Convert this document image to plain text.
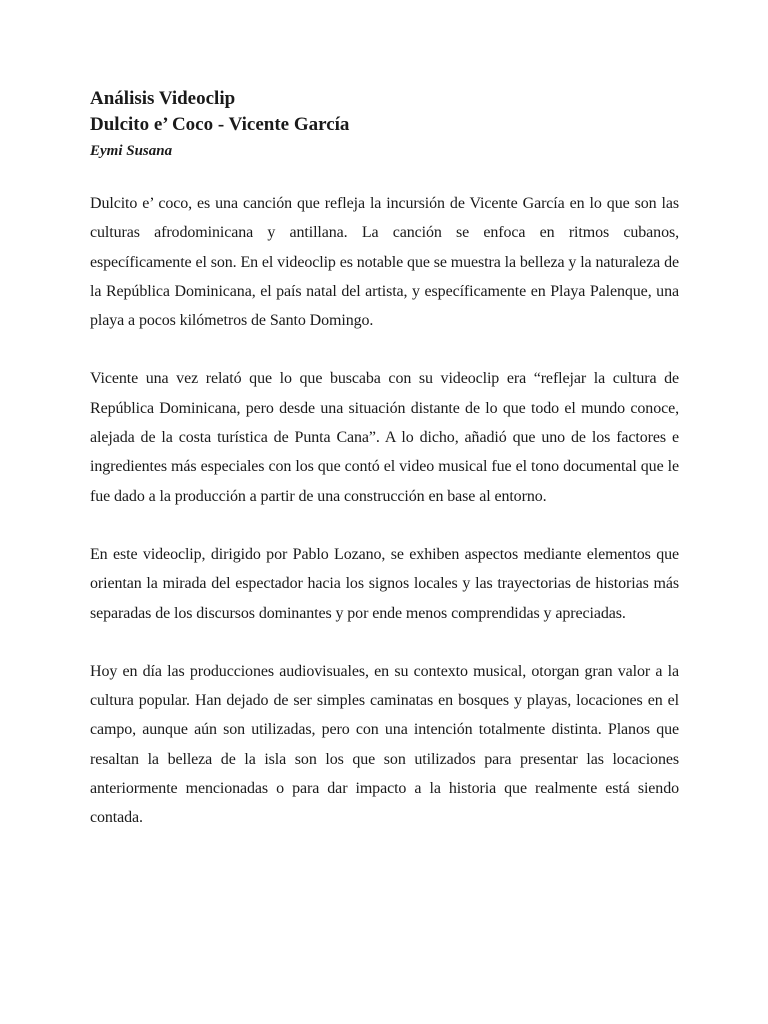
Análisis Videoclip
Dulcito e’ Coco - Vicente García

Eymi Susana

Dulcito e’ coco, es una canción que refleja la incursión de Vicente García en lo que son las culturas afrodominicana y antillana. La canción se enfoca en ritmos cubanos, específicamente el son. En el videoclip es notable que se muestra la belleza y la naturaleza de la República Dominicana, el país natal del artista, y específicamente en Playa Palenque, una playa a pocos kilómetros de Santo Domingo.

Vicente una vez relató que lo que buscaba con su videoclip era “reflejar la cultura de República Dominicana, pero desde una situación distante de lo que todo el mundo conoce, alejada de la costa turística de Punta Cana”. A lo dicho, añadió que uno de los factores e ingredientes más especiales con los que contó el video musical fue el tono documental que le fue dado a la producción a partir de una construcción en base al entorno.

En este videoclip, dirigido por Pablo Lozano, se exhiben aspectos mediante elementos que orientan la mirada del espectador hacia los signos locales y las trayectorias de historias más separadas de los discursos dominantes y por ende menos comprendidas y apreciadas.

Hoy en día las producciones audiovisuales, en su contexto musical, otorgan gran valor a la cultura popular. Han dejado de ser simples caminatas en bosques y playas, locaciones en el campo, aunque aún son utilizadas, pero con una intención totalmente distinta. Planos que resaltan la belleza de la isla son los que son utilizados para presentar las locaciones anteriormente mencionadas o para dar impacto a la historia que realmente está siendo contada.
